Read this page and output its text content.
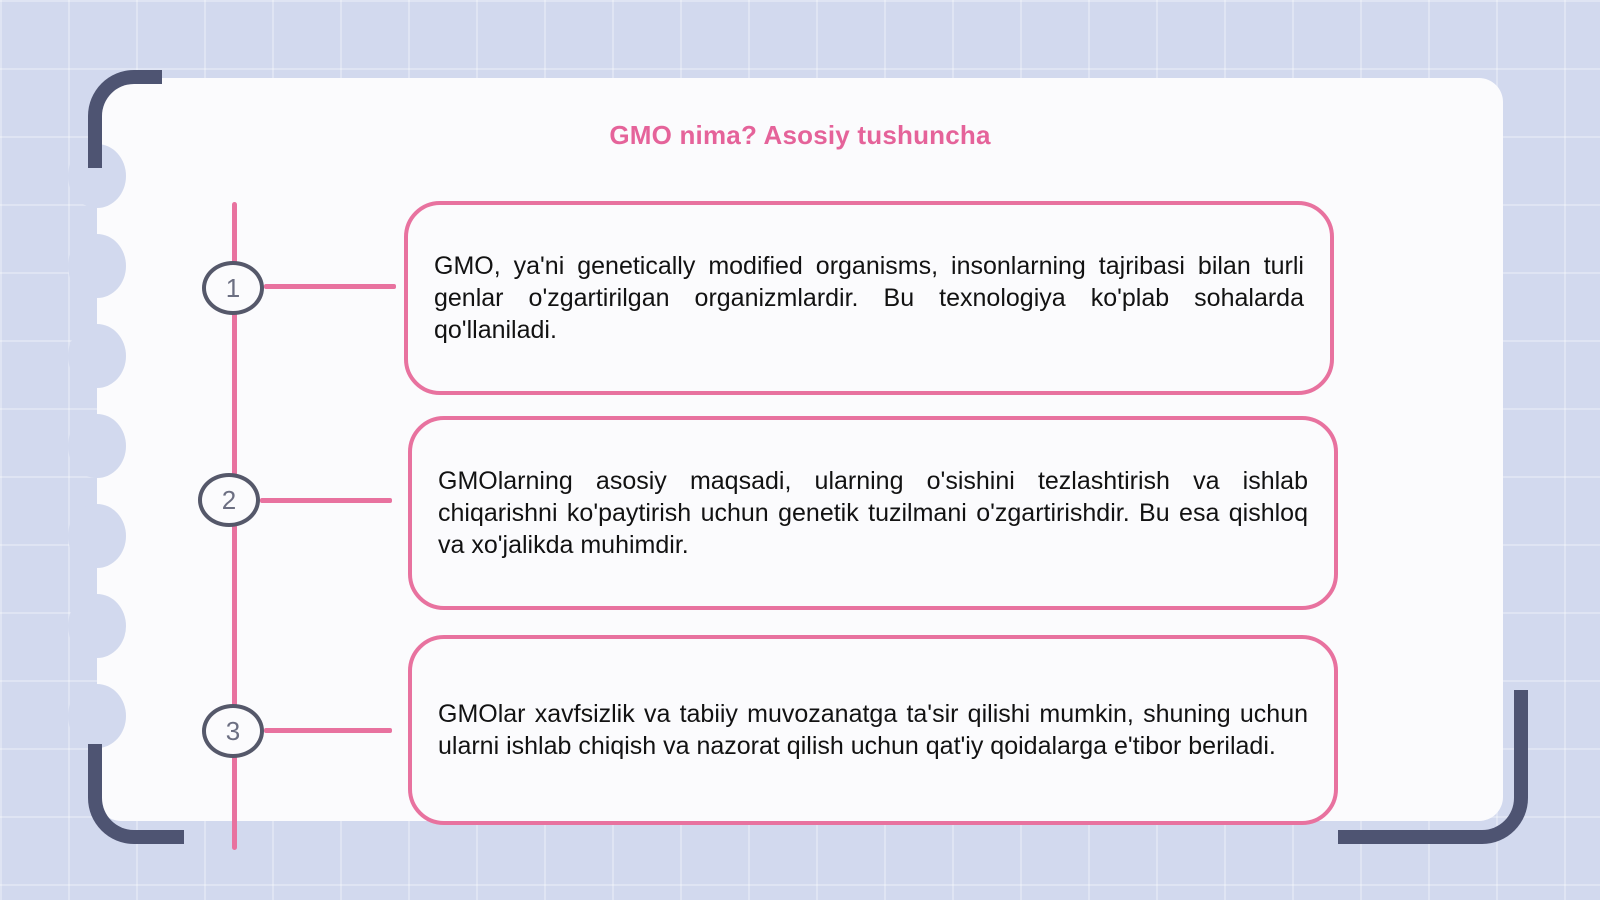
GMO nima? Asosiy tushuncha
1
2
3

GMO, ya'ni genetically modified organisms, insonlarning tajribasi bilan turli genlar o'zgartirilgan organizmlardir. Bu texnologiya ko'plab sohalarda qo'llaniladi.

GMOlarning asosiy maqsadi, ularning o'sishini tezlashtirish va ishlab chiqarishni ko'paytirish uchun genetik tuzilmani o'zgartirishdir. Bu esa qishloq va xo'jalikda muhimdir.

GMOlar xavfsizlik va tabiiy muvozanatga ta'sir qilishi mumkin, shuning uchun ularni ishlab chiqish va nazorat qilish uchun qat'iy qoidalarga e'tibor beriladi.
